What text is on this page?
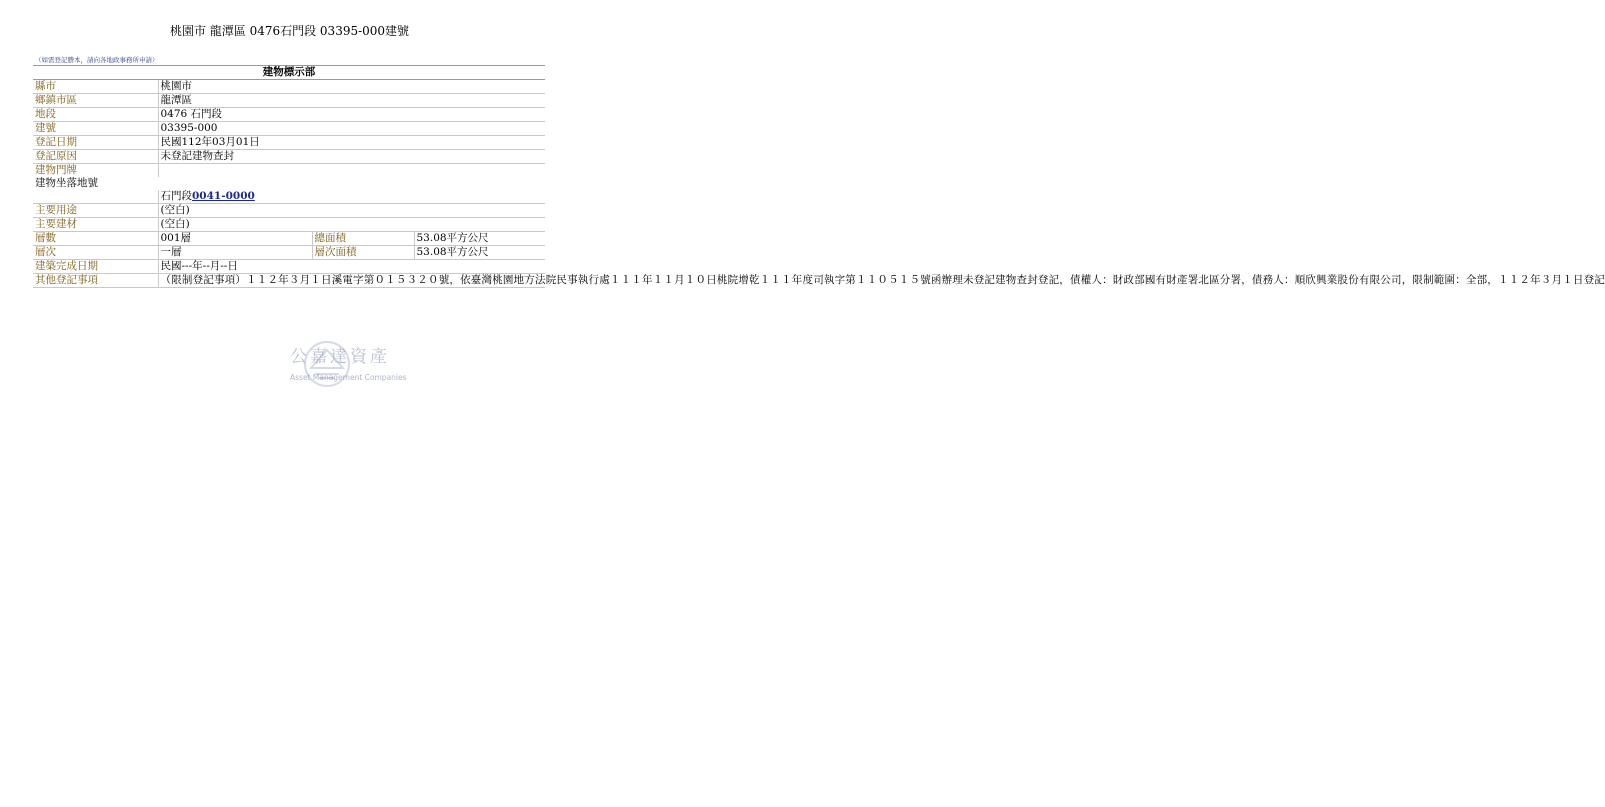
桃園市 龍潭區 0476石門段 03395-000建號
（如需登記謄本，請向各地政事務所申請）
建物標示部			
縣市	桃園市		
鄉鎮市區	龍潭區		
地段	0476 石門段		
建號	03395-000		
登記日期	民國112年03月01日		
登記原因	未登記建物查封		
建物門牌			
建物坐落地號			
	石門段0041-0000		
主要用途	(空白)		
主要建材	(空白)		
層數	001層	總面積	53.08平方公尺
層次	一層	層次面積	53.08平方公尺
建築完成日期	民國---年--月--日		
其他登記事項	（限制登記事項）１１２年３月１日溪電字第０１５３２０號，依臺灣桃園地方法院民事執行處１１１年１１月１０日桃院增乾１１１年度司執字第１１０５１５號函辦理未登記建物查封登記，債權人：財政部國有財產署北區分署，債務人：順欣興業股份有限公司，限制範圍：全部，１１２年３月１日登記		
公嘉達資產
Asset Management Companies
